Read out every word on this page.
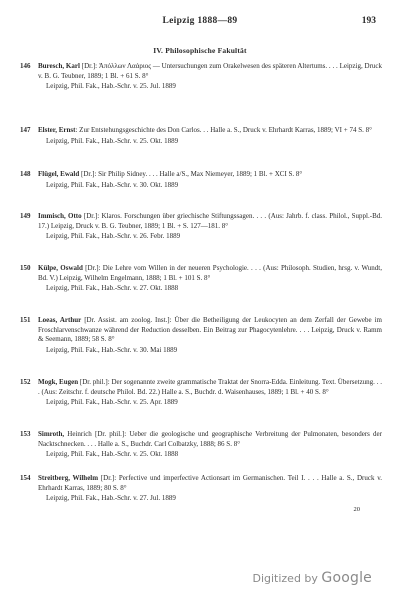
Leipzig 1888—89	193
IV. Philosophische Fakultät
146	Buresch, Karl [Dr.]: Ἀπόλλων Λαάριος — Untersuchungen zum Orakelwesen des späteren Altertums. . . . Leipzig, Druck v. B. G. Teubner, 1889; 1 Bl. + 61 S. 8°
Leipzig, Phil. Fak., Hab.-Schr. v. 25. Jul. 1889
147	Elster, Ernst: Zur Entstehungsgeschichte des Don Carlos. . . Halle a. S., Druck v. Ehrhardt Karras, 1889; VI + 74 S. 8°
Leipzig, Phil. Fak., Hab.-Schr. v. 25. Okt. 1889
148	Flügel, Ewald [Dr.]: Sir Philip Sidney. . . . Halle a/S., Max Niemeyer, 1889; 1 Bl. + XCI S. 8°
Leipzig, Phil. Fak., Hab.-Schr. v. 30. Okt. 1889
149	Immisch, Otto [Dr.]: Klaros. Forschungen über griechische Stiftungssagen. . . . (Aus: Jahrb. f. class. Philol., Suppl.-Bd. 17.) Leipzig, Druck v. B. G. Teubner, 1889; 1 Bl. + S. 127—181. 8°
Leipzig, Phil. Fak., Hab.-Schr. v. 26. Febr. 1889
150	Külpe, Oswald [Dr.]: Die Lehre vom Willen in der neueren Psychologie. . . . (Aus: Philosoph. Studien, hrsg. v. Wundt, Bd. V.) Leipzig, Wilhelm Engelmann, 1888; 1 Bl. + 101 S. 8°
Leipzig, Phil. Fak., Hab.-Schr. v. 27. Okt. 1888
151	Loeas, Arthur [Dr. Assist. am zoolog. Inst.]: Über die Betheiligung der Leukocyten an dem Zerfall der Gewebe im Froschlarvenschwanze während der Reduction desselben. Ein Beitrag zur Phagocytenlehre. . . . Leipzig, Druck v. Ramm & Seemann, 1889; 58 S. 8°
Leipzig, Phil. Fak., Hab.-Schr. v. 30. Mai 1889
152	Mogk, Eugen [Dr. phil.]: Der sogenannte zweite grammatische Traktat der Snorra-Edda. Einleitung. Text. Übersetzung. . . . (Aus: Zeitschr. f. deutsche Philol. Bd. 22.) Halle a. S., Buchdr. d. Waisenhauses, 1889; 1 Bl. + 40 S. 8°
Leipzig, Phil. Fak., Hab.-Schr. v. 25. Apr. 1889
153	Simroth, Heinrich [Dr. phil.]: Ueber die geologische und geographische Verbreitung der Pulmonaten, besonders der Nacktschnecken. . . . Halle a. S., Buchdr. Carl Colbatzky, 1888; 86 S. 8°
Leipzig, Phil. Fak., Hab.-Schr. v. 25. Okt. 1888
154	Streitberg, Wilhelm [Dr.]: Perfective und imperfective Actionsart im Germanischen. Teil I. . . . Halle a. S., Druck v. Ehrhardt Karras, 1889; 80 S. 8°
Leipzig, Phil. Fak., Hab.-Schr. v. 27. Jul. 1889
20
Digitized by Google
